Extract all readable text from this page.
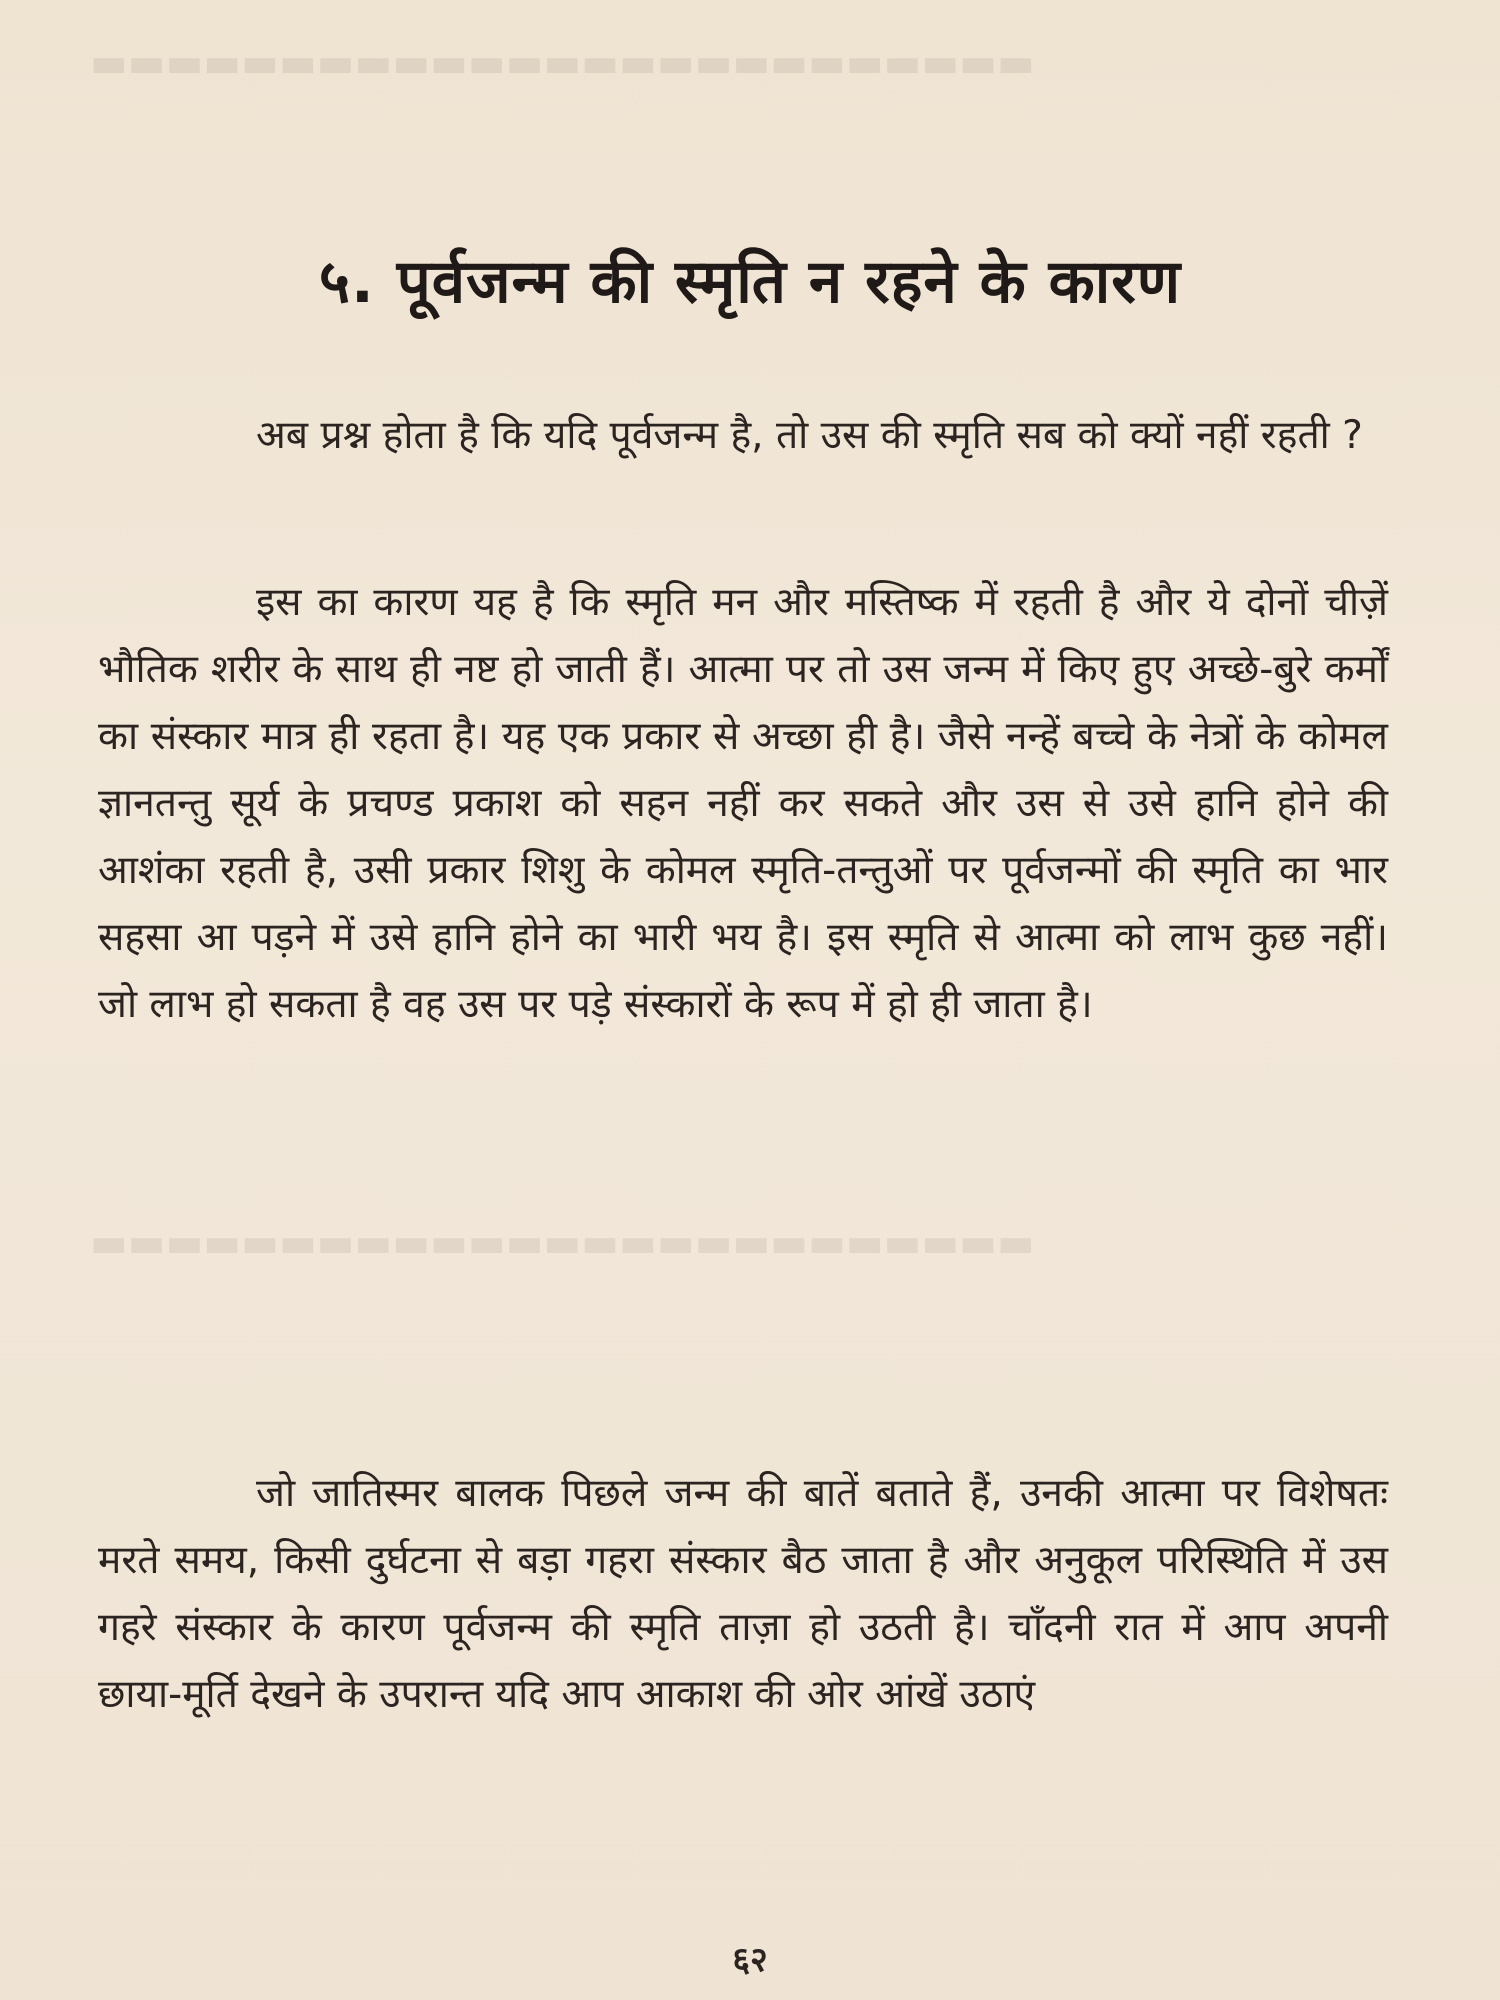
▬▬▬▬▬▬▬▬▬▬▬▬▬▬▬▬▬▬▬▬▬▬▬▬▬
▬▬▬▬▬▬▬▬▬▬▬▬▬▬▬▬▬▬▬▬▬▬▬▬▬
५. पूर्वजन्म की स्मृति न रहने के कारण

अब प्रश्न होता है कि यदि पूर्वजन्म है, तो उस की स्मृति सब को क्यों नहीं रहती ?

इस का कारण यह है कि स्मृति मन और मस्तिष्क में रहती है और ये दोनों चीज़ें भौतिक शरीर के साथ ही नष्ट हो जाती हैं। आत्मा पर तो उस जन्म में किए हुए अच्छे-बुरे कर्मों का संस्कार मात्र ही रहता है। यह एक प्रकार से अच्छा ही है। जैसे नन्हें बच्चे के नेत्रों के कोमल ज्ञानतन्तु सूर्य के प्रचण्ड प्रकाश को सहन नहीं कर सकते और उस से उसे हानि होने की आशंका रहती है, उसी प्रकार शिशु के कोमल स्मृति-तन्तुओं पर पूर्वजन्मों की स्मृति का भार सहसा आ पड़ने में उसे हानि होने का भारी भय है। इस स्मृति से आत्मा को लाभ कुछ नहीं। जो लाभ हो सकता है वह उस पर पड़े संस्कारों के रूप में हो ही जाता है।

जो जातिस्मर बालक पिछले जन्म की बातें बताते हैं, उनकी आत्मा पर विशेषतः मरते समय, किसी दुर्घटना से बड़ा गहरा संस्कार बैठ जाता है और अनुकूल परिस्थिति में उस गहरे संस्कार के कारण पूर्वजन्म की स्मृति ताज़ा हो उठती है। चाँदनी रात में आप अपनी छाया-मूर्ति देखने के उपरान्त यदि आप आकाश की ओर आंखें उठाएं

६२
